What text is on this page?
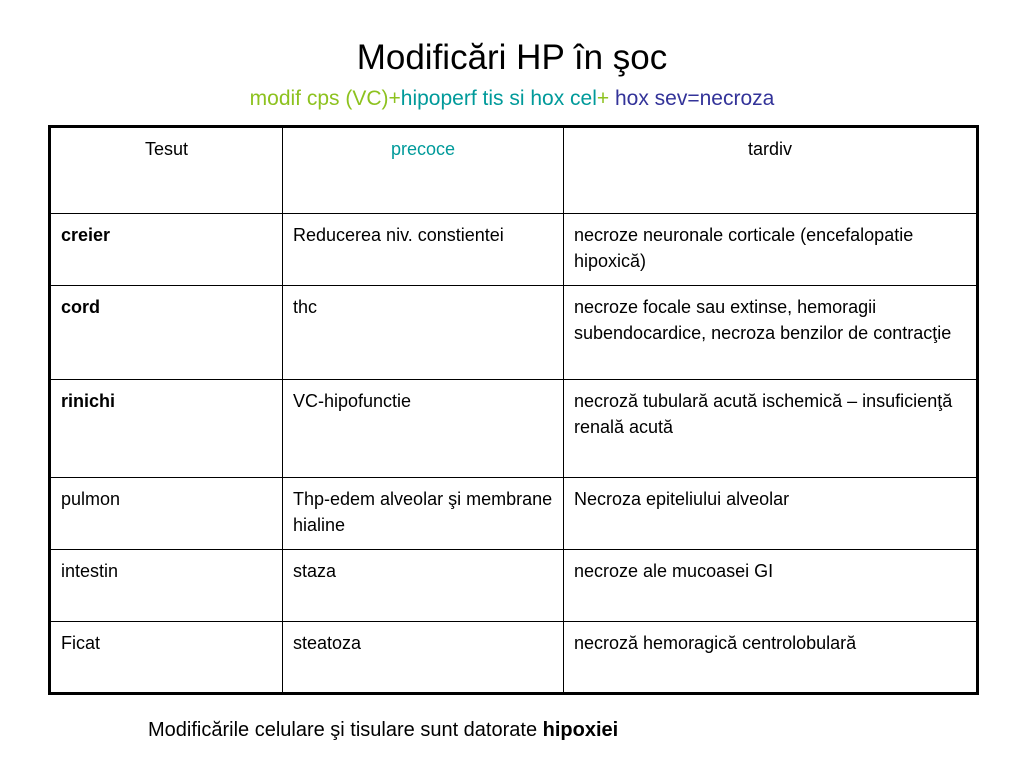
Modificări HP în şoc
modif cps (VC)+hipoperf tis si hox cel+ hox sev=necroza
Tesut	precoce	tardiv
creier	Reducerea niv. constientei	necroze neuronale corticale (encefalopatie hipoxică)
cord	thc	necroze focale sau extinse, hemoragii subendocardice, necroza benzilor de contracţie
rinichi	VC-hipofunctie	necroză tubulară acută ischemică – insuficienţă renală acută
pulmon	Thp-edem alveolar şi membrane hialine	Necroza epiteliului alveolar
intestin	staza	necroze ale mucoasei GI
Ficat	steatoza	necroză hemoragică centrolobulară
Modificările celulare şi tisulare sunt datorate hipoxiei
